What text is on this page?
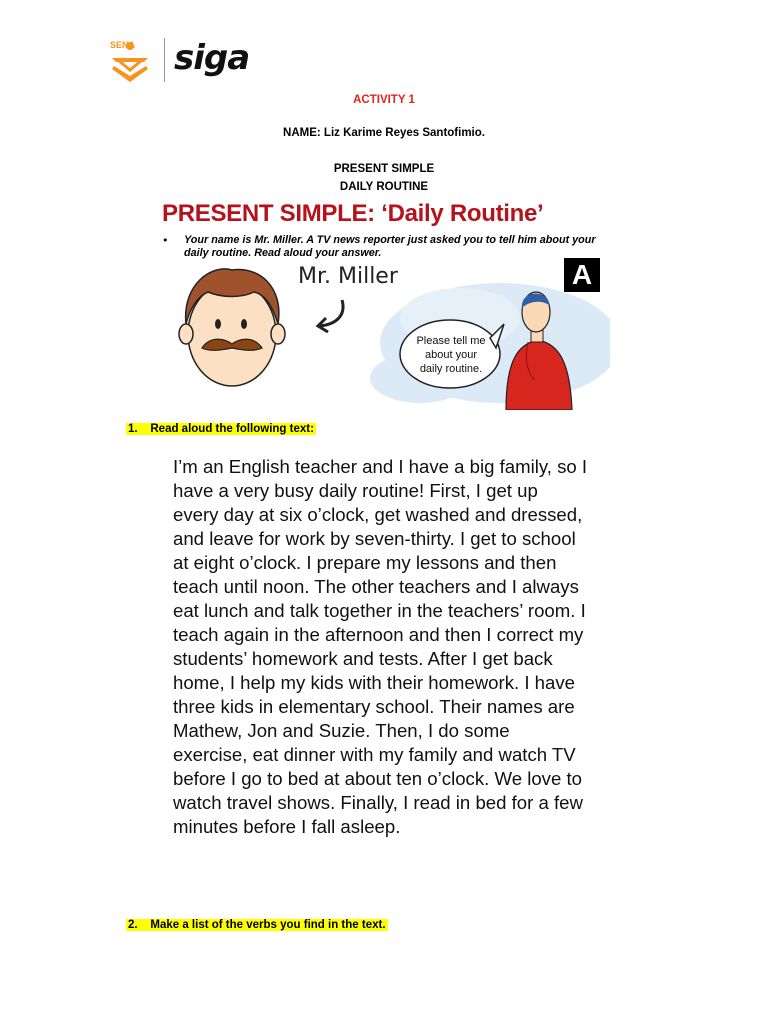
SENA siga
ACTIVITY 1
NAME: Liz Karime Reyes Santofimio.
PRESENT SIMPLE
DAILY ROUTINE
PRESENT SIMPLE: ‘Daily Routine’
• Your name is Mr. Miller. A TV news reporter just asked you to tell him about your
daily routine. Read aloud your answer.
Mr. Miller
Please tell me
about your
daily routine.
A
1.    Read aloud the following text:
I’m an English teacher and I have a big family, so I
have a very busy daily routine! First, I get up
every day at six o’clock, get washed and dressed,
and leave for work by seven-thirty. I get to school
at eight o’clock. I prepare my lessons and then
teach until noon. The other teachers and I always
eat lunch and talk together in the teachers’ room. I
teach again in the afternoon and then I correct my
students’ homework and tests. After I get back
home, I help my kids with their homework. I have
three kids in elementary school. Their names are
Mathew, Jon and Suzie. Then, I do some
exercise, eat dinner with my family and watch TV
before I go to bed at about ten o’clock. We love to
watch travel shows. Finally, I read in bed for a few
minutes before I fall asleep.
2.    Make a list of the verbs you find in the text.
